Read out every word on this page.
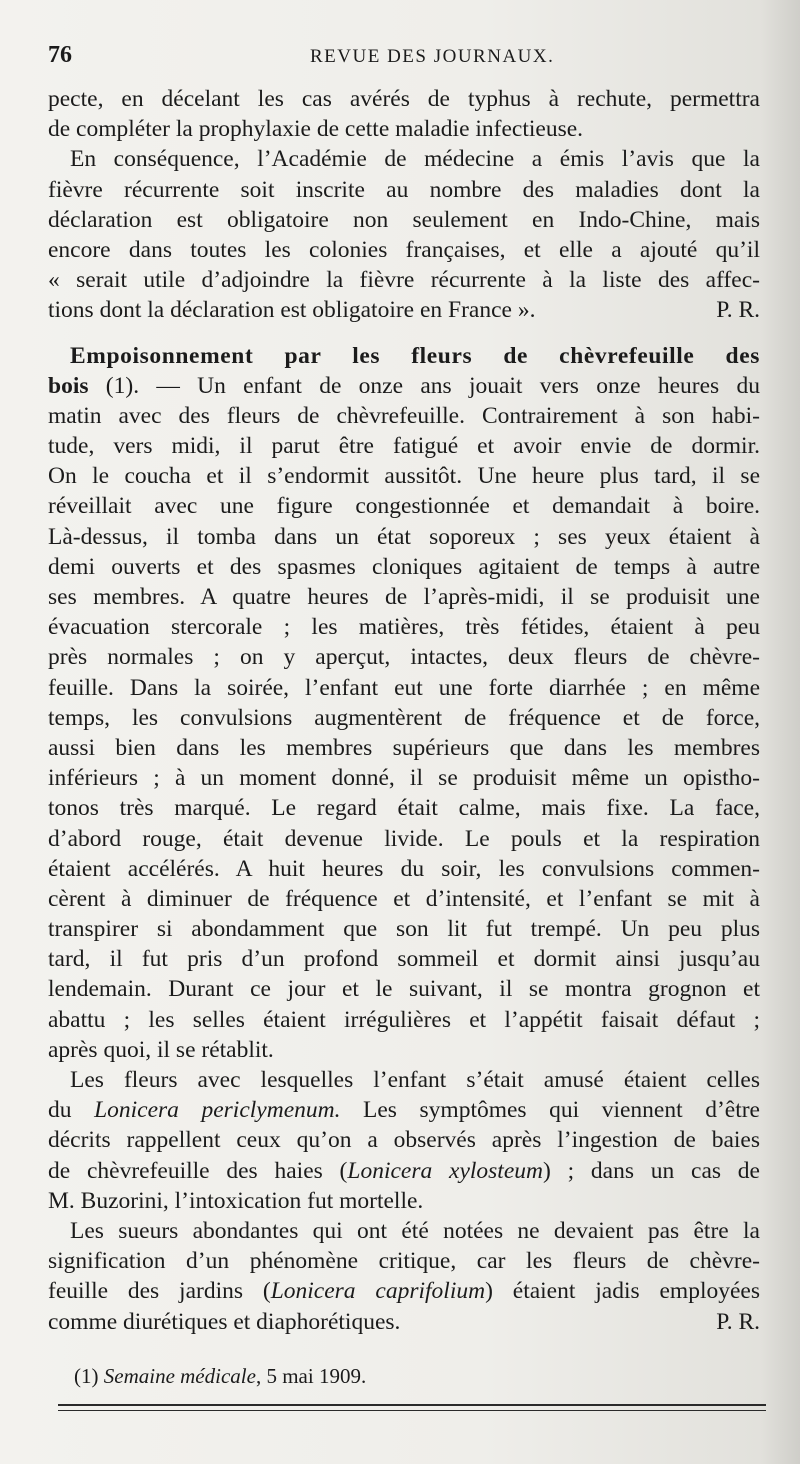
76	REVUE DES JOURNAUX.
pecte, en décelant les cas avérés de typhus à rechute, permettra
de compléter la prophylaxie de cette maladie infectieuse.
En conséquence, l’Académie de médecine a émis l’avis que la
fièvre récurrente soit inscrite au nombre des maladies dont la
déclaration est obligatoire non seulement en Indo-Chine, mais
encore dans toutes les colonies françaises, et elle a ajouté qu’il
« serait utile d’adjoindre la fièvre récurrente à la liste des affec-
tions dont la déclaration est obligatoire en France ».	P. R.
Empoisonnement par les fleurs de chèvrefeuille des
bois (1). — Un enfant de onze ans jouait vers onze heures du
matin avec des fleurs de chèvrefeuille. Contrairement à son habi-
tude, vers midi, il parut être fatigué et avoir envie de dormir.
On le coucha et il s’endormit aussitôt. Une heure plus tard, il se
réveillait avec une figure congestionnée et demandait à boire.
Là-dessus, il tomba dans un état soporeux ; ses yeux étaient à
demi ouverts et des spasmes cloniques agitaient de temps à autre
ses membres. A quatre heures de l’après-midi, il se produisit une
évacuation stercorale ; les matières, très fétides, étaient à peu
près normales ; on y aperçut, intactes, deux fleurs de chèvre-
feuille. Dans la soirée, l’enfant eut une forte diarrhée ; en même
temps, les convulsions augmentèrent de fréquence et de force,
aussi bien dans les membres supérieurs que dans les membres
inférieurs ; à un moment donné, il se produisit même un opistho-
tonos très marqué. Le regard était calme, mais fixe. La face,
d’abord rouge, était devenue livide. Le pouls et la respiration
étaient accélérés. A huit heures du soir, les convulsions commen-
cèrent à diminuer de fréquence et d’intensité, et l’enfant se mit à
transpirer si abondamment que son lit fut trempé. Un peu plus
tard, il fut pris d’un profond sommeil et dormit ainsi jusqu’au
lendemain. Durant ce jour et le suivant, il se montra grognon et
abattu ; les selles étaient irrégulières et l’appétit faisait défaut ;
après quoi, il se rétablit.
Les fleurs avec lesquelles l’enfant s’était amusé étaient celles
du Lonicera periclymenum. Les symptômes qui viennent d’être
décrits rappellent ceux qu’on a observés après l’ingestion de baies
de chèvrefeuille des haies (Lonicera xylosteum) ; dans un cas de
M. Buzorini, l’intoxication fut mortelle.
Les sueurs abondantes qui ont été notées ne devaient pas être la
signification d’un phénomène critique, car les fleurs de chèvre-
feuille des jardins (Lonicera caprifolium) étaient jadis employées
comme diurétiques et diaphorétiques.	P. R.
(1) Semaine médicale, 5 mai 1909.
